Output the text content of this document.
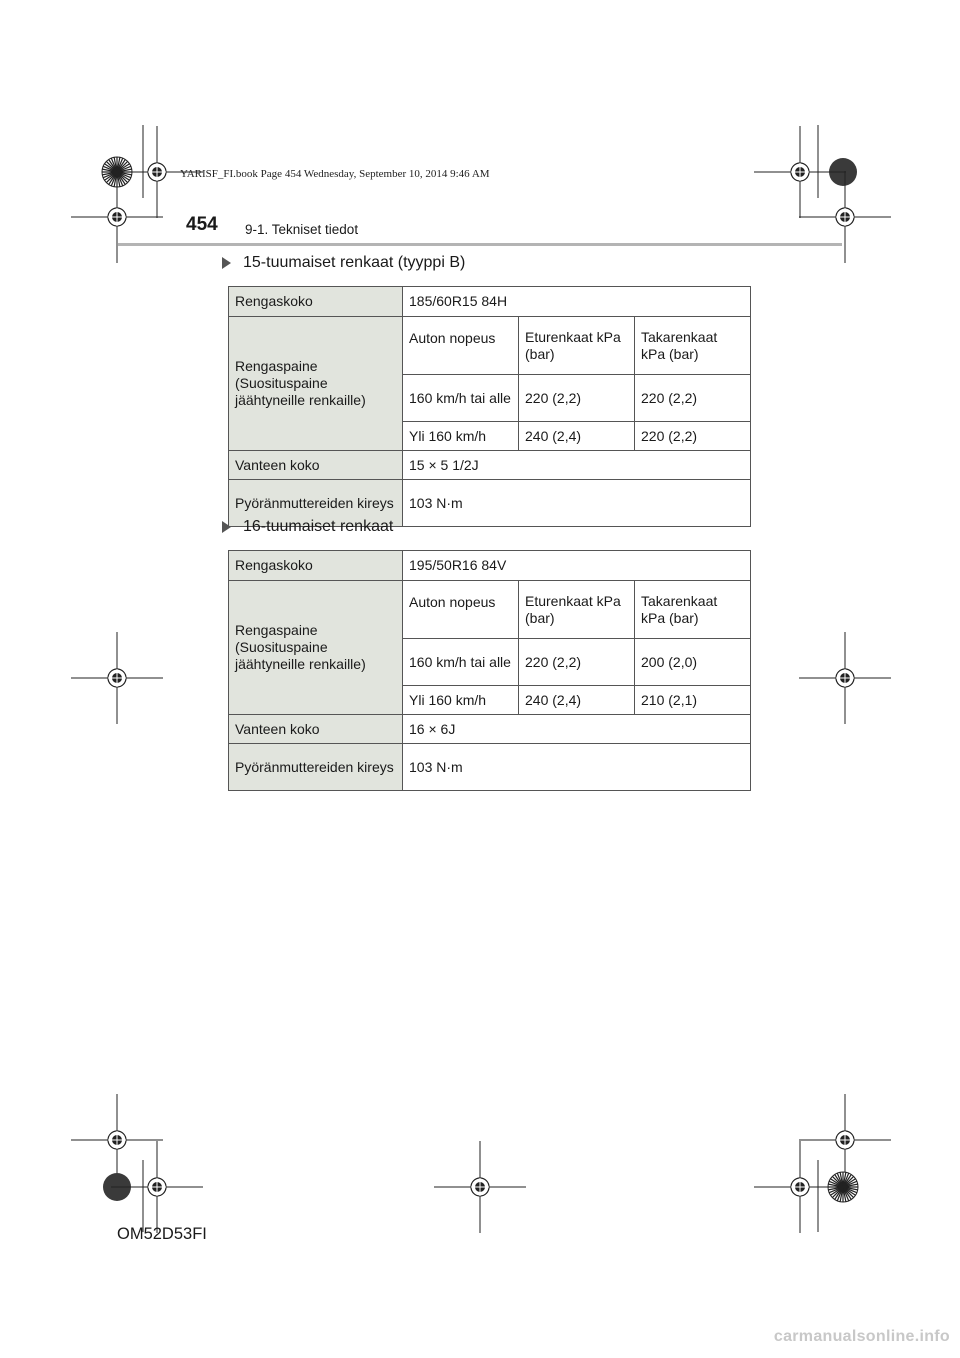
YARISF_FI.book Page 454 Wednesday, September 10, 2014 9:46 AM
454 9-1. Tekniset tiedot
15-tuumaiset renkaat (tyyppi B)
Rengaskoko	185/60R15 84H		
Rengaspaine (Suosituspaine jäähtyneille renkaille)	Auton nopeus	Eturenkaat kPa (bar)	Takarenkaat kPa (bar)
	160 km/h tai alle	220 (2,2)	220 (2,2)
	Yli 160 km/h	240 (2,4)	220 (2,2)
Vanteen koko	15 × 5 1/2J		
Pyöränmuttereiden kireys	103 N·m		
16-tuumaiset renkaat
Rengaskoko	195/50R16 84V		
Rengaspaine (Suosituspaine jäähtyneille renkaille)	Auton nopeus	Eturenkaat kPa (bar)	Takarenkaat kPa (bar)
	160 km/h tai alle	220 (2,2)	200 (2,0)
	Yli 160 km/h	240 (2,4)	210 (2,1)
Vanteen koko	16 × 6J		
Pyöränmuttereiden kireys	103 N·m		
OM52D53FI
carmanualsonline.info
